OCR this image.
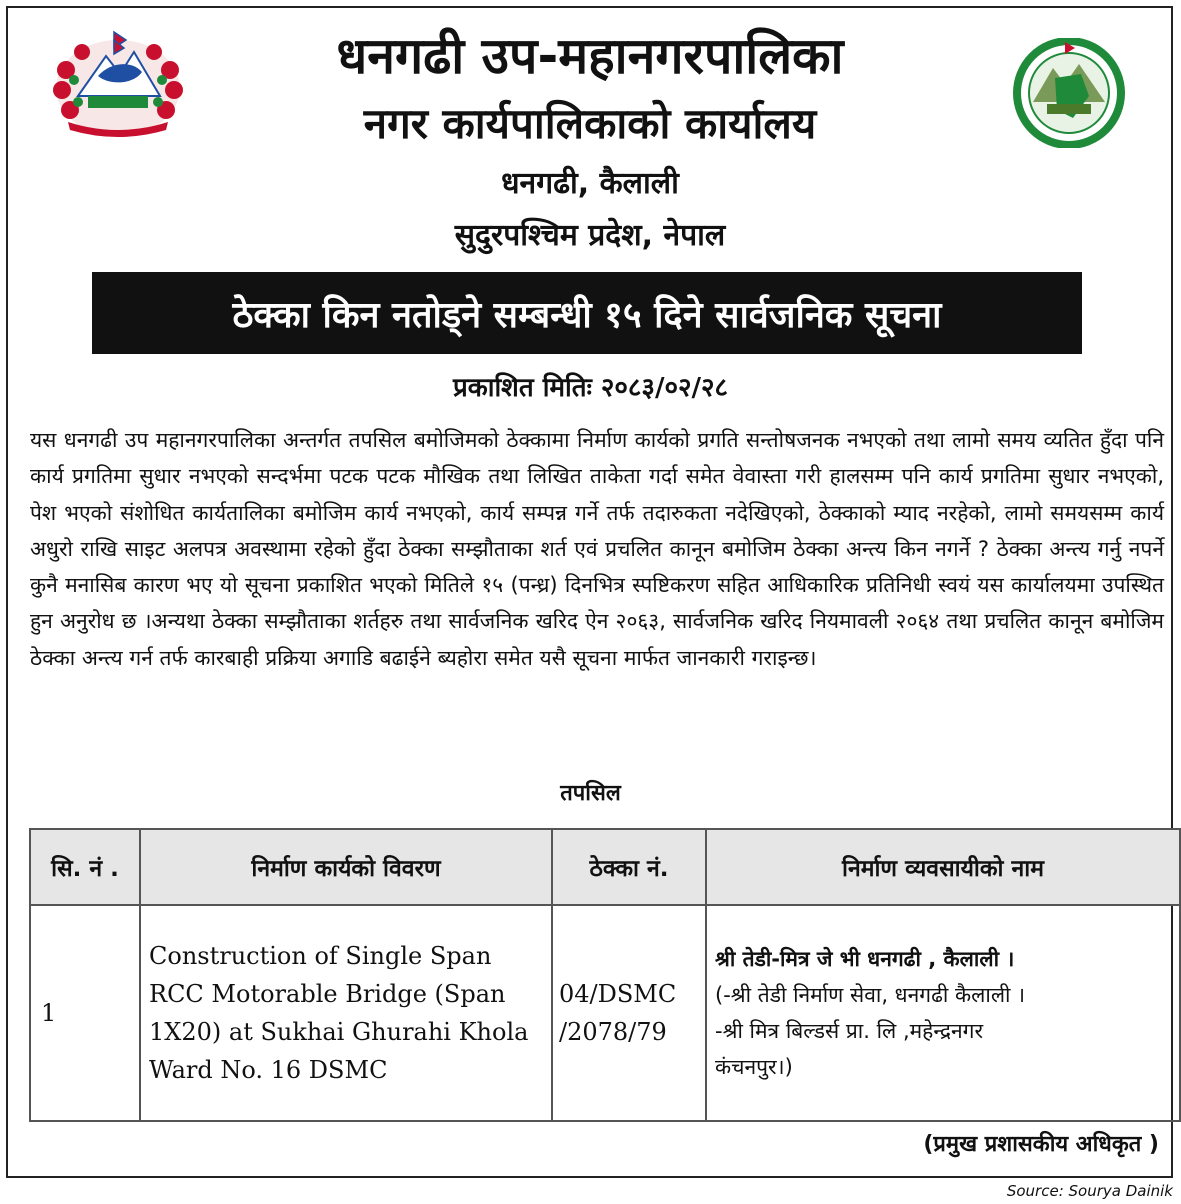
धनगढी उप-महानगरपालिका
नगर कार्यपालिकाको कार्यालय
धनगढी, कैलाली
सुदुरपश्चिम प्रदेश, नेपाल
ठेक्का किन नतोड्ने सम्बन्धी १५ दिने सार्वजनिक सूचना
प्रकाशित मितिः २०८३/०२/२८
यस धनगढी उप महानगरपालिका अन्तर्गत तपसिल बमोजिमको ठेक्कामा निर्माण कार्यको प्रगति सन्तोषजनक नभएको तथा लामो समय व्यतित हुँदा पनि कार्य प्रगतिमा सुधार नभएको सन्दर्भमा पटक पटक मौखिक तथा लिखित ताकेता गर्दा समेत वेवास्ता गरी हालसम्म पनि कार्य प्रगतिमा सुधार नभएको, पेश भएको संशोधित कार्यतालिका बमोजिम कार्य नभएको, कार्य सम्पन्न गर्ने तर्फ तदारुकता नदेखिएको, ठेक्काको म्याद नरहेको, लामो समयसम्म कार्य अधुरो राखि साइट अलपत्र अवस्थामा रहेको हुँदा ठेक्का सम्झौताका शर्त एवं प्रचलित कानून बमोजिम ठेक्का अन्त्य किन नगर्ने ? ठेक्का अन्त्य गर्नु नपर्ने कुनै मनासिब कारण भए यो सूचना प्रकाशित भएको मितिले १५ (पन्ध्र) दिनभित्र स्पष्टिकरण सहित आधिकारिक प्रतिनिधी स्वयं यस कार्यालयमा उपस्थित हुन अनुरोध छ ।अन्यथा ठेक्का सम्झौताका शर्तहरु तथा सार्वजनिक खरिद ऐन २०६३, सार्वजनिक खरिद नियमावली २०६४ तथा प्रचलित कानून बमोजिम ठेक्का अन्त्य गर्न तर्फ कारबाही प्रक्रिया अगाडि बढाईने ब्यहोरा समेत यसै सूचना मार्फत जानकारी गराइन्छ।
तपसिल
सि. नं .	निर्माण कार्यको विवरण	ठेक्का नं.	निर्माण व्यवसायीको नाम
1	Construction of Single Span RCC Motorable Bridge (Span 1X20) at Sukhai Ghurahi Khola Ward No. 16 DSMC	04/DSMC /2078/79	श्री तेडी-मित्र जे भी धनगढी , कैलाली ।
(-श्री तेडी निर्माण सेवा, धनगढी कैलाली ।
-श्री मित्र बिल्डर्स प्रा. लि ,महेन्द्रनगर
कंचनपुर।)
(प्रमुख प्रशासकीय अधिकृत )
Source: Sourya Dainik
